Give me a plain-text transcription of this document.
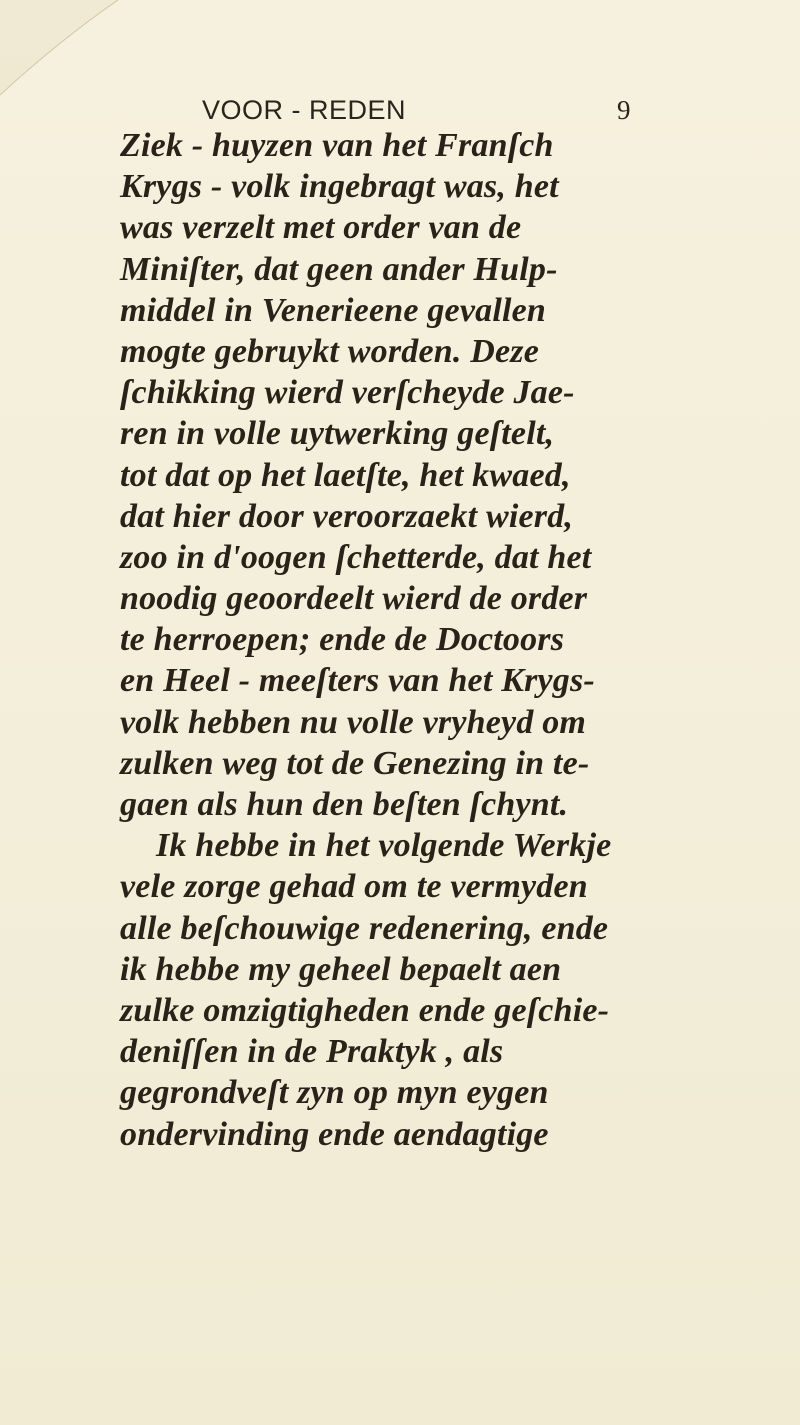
VOOR - REDEN	9
Ziek - huyzen van het Franſch
Krygs - volk ingebragt was, het
was verzelt met order van de
Miniſter, dat geen ander Hulp-
middel in Venerieene gevallen
mogte gebruykt worden. Deze
ſchikking wierd verſcheyde Jae-
ren in volle uytwerking geſtelt,
tot dat op het laetſte, het kwaed,
dat hier door veroorzaekt wierd,
zoo in d'oogen ſchetterde, dat het
noodig geoordeelt wierd de order
te herroepen; ende de Doctoors
en Heel - meeſters van het Krygs-
volk hebben nu volle vryheyd om
zulken weg tot de Genezing in te-
gaen als hun den beſten ſchynt.
Ik hebbe in het volgende Werkje
vele zorge gehad om te vermyden
alle beſchouwige redenering, ende
ik hebbe my geheel bepaelt aen
zulke omzigtigheden ende geſchie-
deniſſen in de Praktyk , als
gegrondveſt zyn op myn eygen
ondervinding ende aendagtige
